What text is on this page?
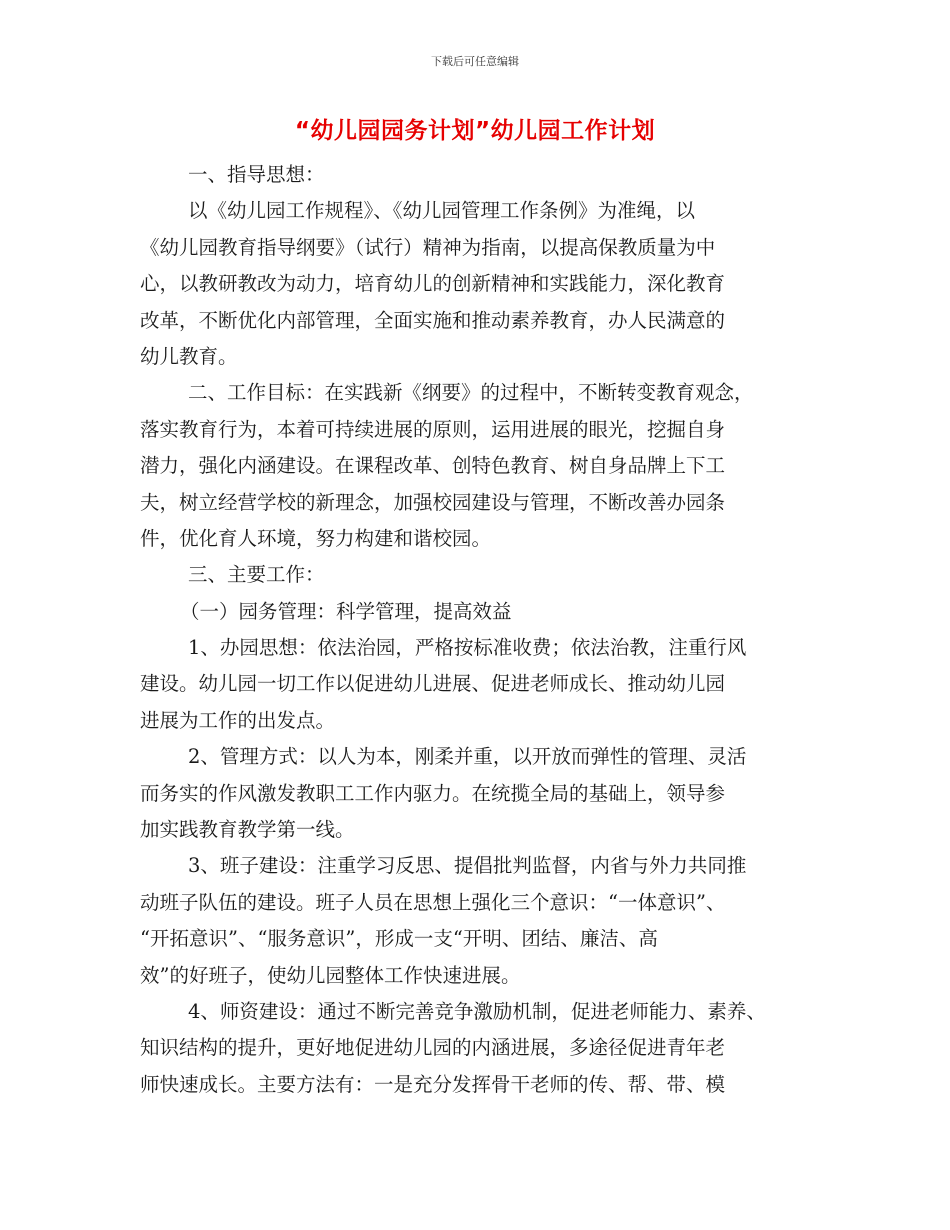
下载后可任意编辑
“幼儿园园务计划”幼儿园工作计划
一、指导思想：
以《幼儿园工作规程》、《幼儿园管理工作条例》为准绳，以
《幼儿园教育指导纲要》（试行）精神为指南，以提高保教质量为中
心，以教研教改为动力，培育幼儿的创新精神和实践能力，深化教育
改革，不断优化内部管理，全面实施和推动素养教育，办人民满意的
幼儿教育。
二、工作目标：在实践新《纲要》的过程中，不断转变教育观念，
落实教育行为，本着可持续进展的原则，运用进展的眼光，挖掘自身
潜力，强化内涵建设。在课程改革、创特色教育、树自身品牌上下工
夫，树立经营学校的新理念，加强校园建设与管理，不断改善办园条
件，优化育人环境，努力构建和谐校园。
三、主要工作：
（一）园务管理：科学管理，提高效益
1、办园思想：依法治园，严格按标准收费；依法治教，注重行风
建设。幼儿园一切工作以促进幼儿进展、促进老师成长、推动幼儿园
进展为工作的出发点。
2、管理方式：以人为本，刚柔并重，以开放而弹性的管理、灵活
而务实的作风激发教职工工作内驱力。在统揽全局的基础上，领导参
加实践教育教学第一线。
3、班子建设：注重学习反思、提倡批判监督，内省与外力共同推
动班子队伍的建设。班子人员在思想上强化三个意识：“一体意识”、
“开拓意识”、“服务意识”，形成一支“开明、团结、廉洁、高
效”的好班子，使幼儿园整体工作快速进展。
4、师资建设：通过不断完善竞争激励机制，促进老师能力、素养、
知识结构的提升，更好地促进幼儿园的内涵进展，多途径促进青年老
师快速成长。主要方法有：一是充分发挥骨干老师的传、帮、带、模
